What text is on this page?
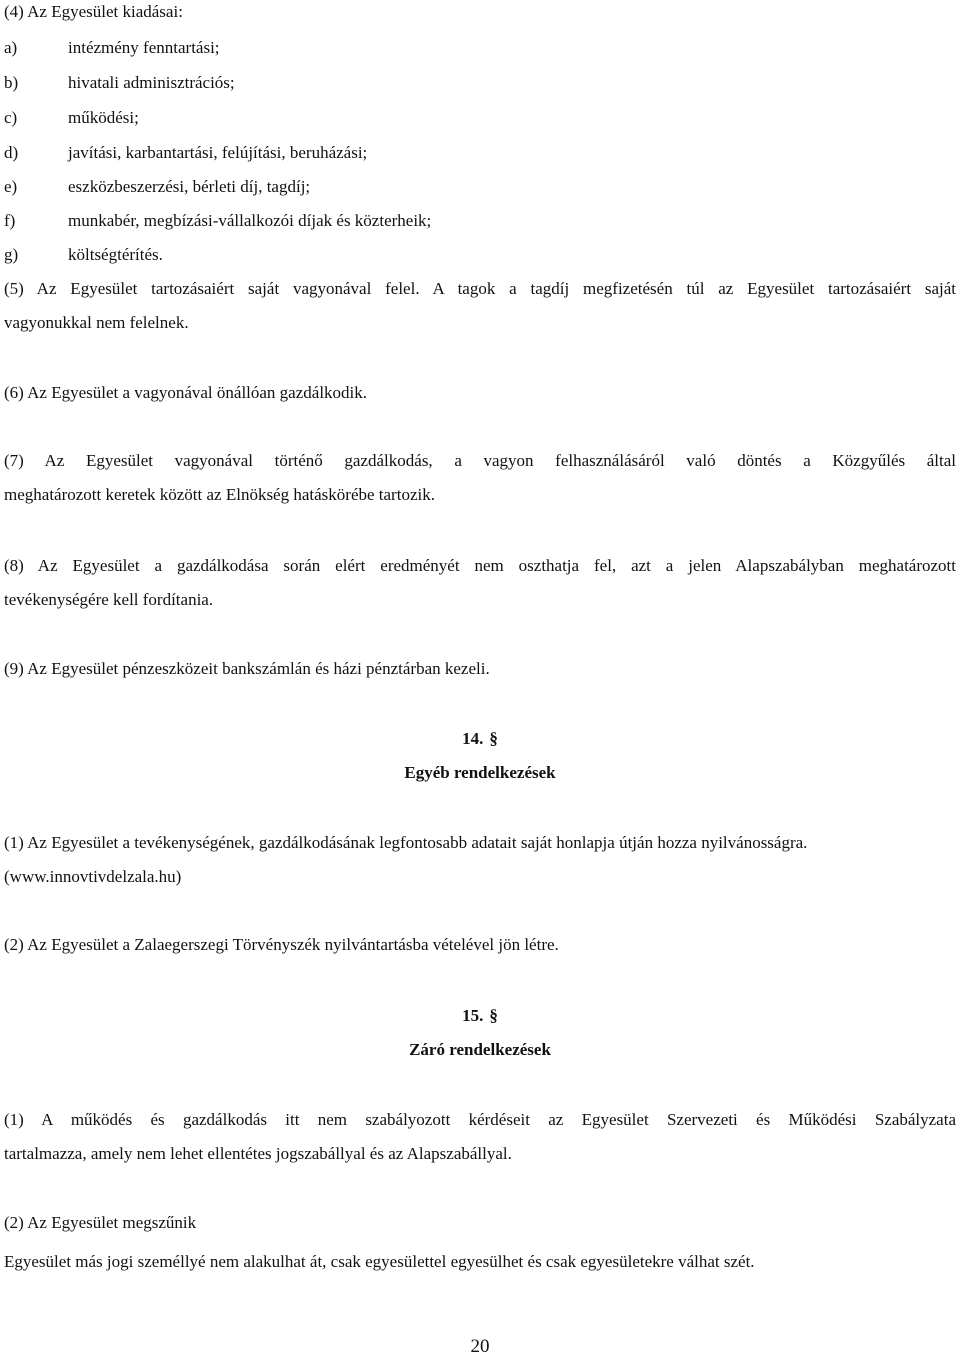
(4) Az Egyesület kiadásai:
a)	intézmény fenntartási;
b)	hivatali adminisztrációs;
c)	működési;
d)	javítási, karbantartási, felújítási, beruházási;
e)	eszközbeszerzési, bérleti díj, tagdíj;
f)	munkabér, megbízási-vállalkozói díjak és közterheik;
g)	költségtérítés.
(5) Az Egyesület tartozásaiért saját vagyonával felel. A tagok a tagdíj megfizetésén túl az Egyesület tartozásaiért saját
vagyonukkal nem felelnek.
(6) Az Egyesület a vagyonával önállóan gazdálkodik.
(7) Az Egyesület vagyonával történő gazdálkodás, a vagyon felhasználásáról való döntés a Közgyűlés által
meghatározott keretek között az Elnökség hatáskörébe tartozik.
(8) Az Egyesület a gazdálkodása során elért eredményét nem oszthatja fel, azt a jelen Alapszabályban meghatározott
tevékenységére kell fordítania.
(9) Az Egyesület pénzeszközeit bankszámlán és házi pénztárban kezeli.
14. §
Egyéb rendelkezések
(1) Az Egyesület a tevékenységének, gazdálkodásának legfontosabb adatait saját honlapja útján hozza nyilvánosságra.
(www.innovtivdelzala.hu)
(2) Az Egyesület a Zalaegerszegi Törvényszék nyilvántartásba vételével jön létre.
15. §
Záró rendelkezések
(1) A működés és gazdálkodás itt nem szabályozott kérdéseit az Egyesület Szervezeti és Működési Szabályzata
tartalmazza, amely nem lehet ellentétes jogszabállyal és az Alapszabállyal.
(2) Az Egyesület megszűnik
Egyesület más jogi személlyé nem alakulhat át, csak egyesülettel egyesülhet és csak egyesületekre válhat szét.
20
